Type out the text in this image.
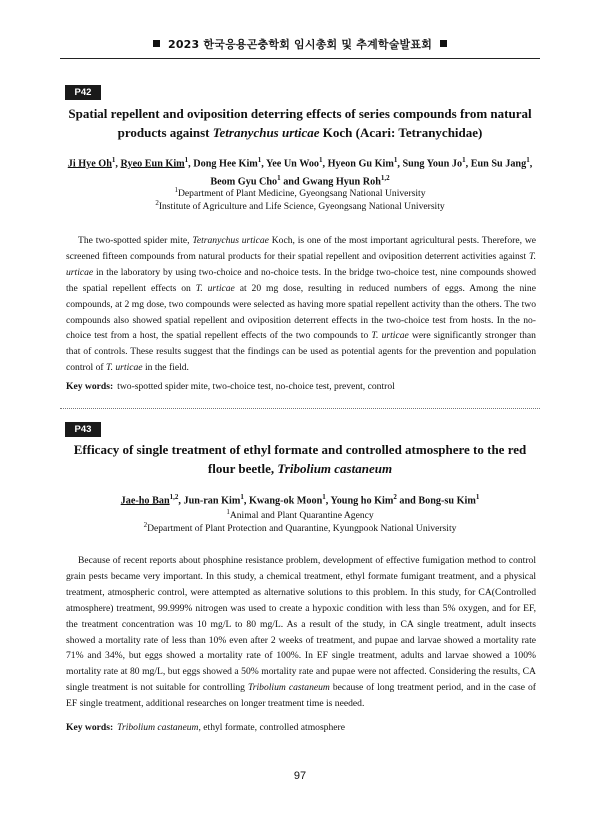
2023 한국응용곤충학회 임시총회 및 추계학술발표회
P42
Spatial repellent and oviposition deterring effects of series compounds from natural
products against Tetranychus urticae Koch (Acari: Tetranychidae)
Ji Hye Oh$^1$, Ryeo Eun Kim$^1$, Dong Hee Kim$^1$, Yee Un Woo$^1$, Hyeon Gu Kim$^1$, Sung Youn Jo$^1$, Eun Su Jang$^1$,
Beom Gyu Cho$^1$ and Gwang Hyun Roh$^{1,2}$
$^1$Department of Plant Medicine, Gyeongsang National University
$^2$Institute of Agriculture and Life Science, Gyeongsang National University

The two-spotted spider mite, Tetranychus urticae Koch, is one of the most important agricultural pests. Therefore, we screened fifteen compounds from natural products for their spatial repellent and oviposition deterrent activities against T. urticae in the laboratory by using two-choice and no-choice tests. In the bridge two-choice test, nine compounds showed the spatial repellent effects on T. urticae at 20 mg dose, resulting in reduced numbers of eggs. Among the nine compounds, at 2 mg dose, two compounds were selected as having more spatial repellent activity than the others. The two compounds also showed spatial repellent and oviposition deterrent effects in the two-choice test from hosts. In the no-choice test from a host, the spatial repellent effects of the two compounds to T. urticae were significantly stronger than that of controls. These results suggest that the findings can be used as potential agents for the prevention and population control of T. urticae in the field.

Key words: two-spotted spider mite, two-choice test, no-choice test, prevent, control
P43
Efficacy of single treatment of ethyl formate and controlled atmosphere to the red
flour beetle, Tribolium castaneum
Jae-ho Ban$^{1,2}$, Jun-ran Kim$^1$, Kwang-ok Moon$^1$, Young ho Kim$^2$ and Bong-su Kim$^1$
$^1$Animal and Plant Quarantine Agency
$^2$Department of Plant Protection and Quarantine, Kyungpook National University

Because of recent reports about phosphine resistance problem, development of effective fumigation method to control grain pests became very important. In this study, a chemical treatment, ethyl formate fumigant treatment, and a physical treatment, atmospheric control, were attempted as alternative solutions to this problem. In this study, for CA(Controlled atmosphere) treatment, 99.999% nitrogen was used to create a hypoxic condition with less than 5% oxygen, and for EF, the treatment concentration was 10 mg/L to 80 mg/L. As a result of the study, in CA single treatment, adult insects showed a mortality rate of less than 10% even after 2 weeks of treatment, and pupae and larvae showed a mortality rate 71% and 34%, but eggs showed a mortality rate of 100%. In EF single treatment, adults and larvae showed a 100% mortality rate at 80 mg/L, but eggs showed a 50% mortality rate and pupae were not affected. Considering the results, CA single treatment is not suitable for controlling Tribolium castaneum because of long treatment period, and in the case of EF single treatment, additional researches on longer treatment time is needed.

Key words: Tribolium castaneum, ethyl formate, controlled atmosphere
97
